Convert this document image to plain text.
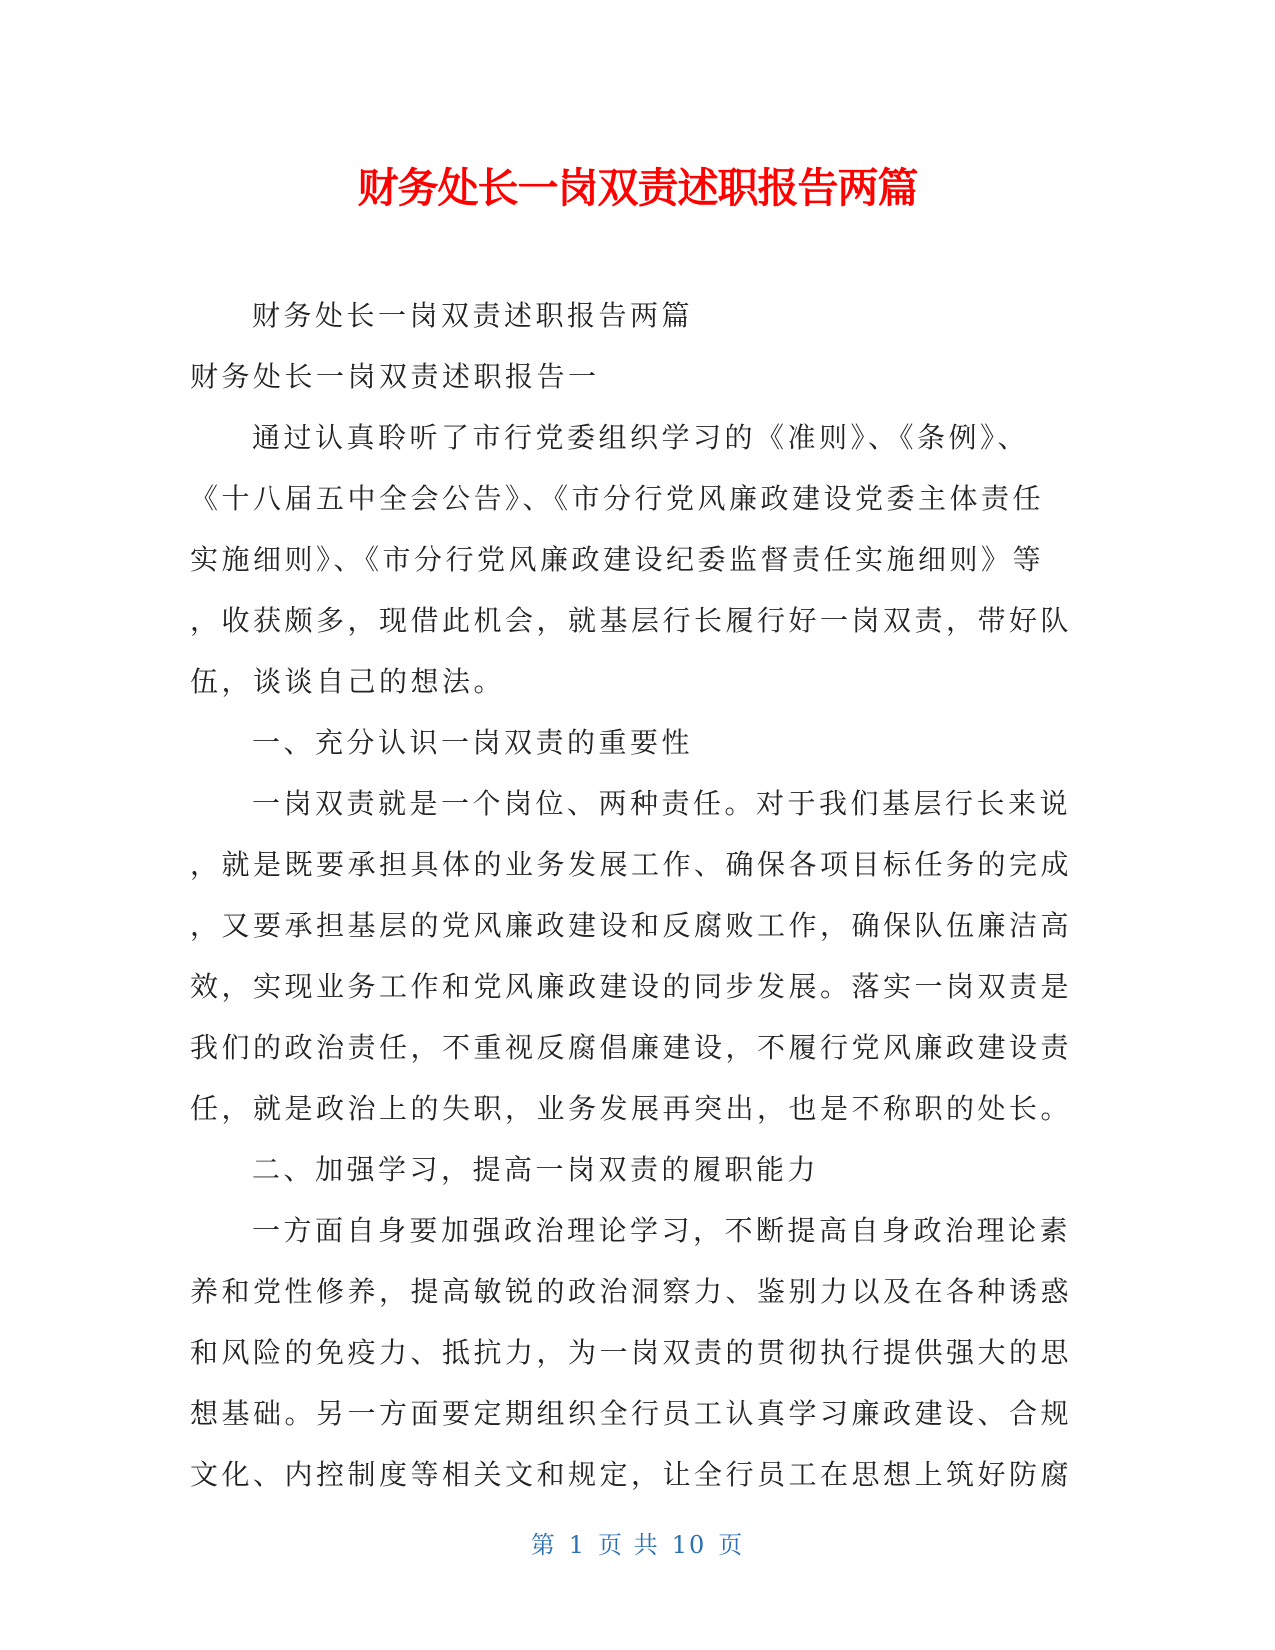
财务处长一岗双责述职报告两篇
财务处长一岗双责述职报告两篇
财务处长一岗双责述职报告一
通过认真聆听了市行党委组织学习的《准则》、《条例》、
《十八届五中全会公告》、《市分行党风廉政建设党委主体责任
实施细则》、《市分行党风廉政建设纪委监督责任实施细则》等
，收获颇多，现借此机会，就基层行长履行好一岗双责，带好队
伍，谈谈自己的想法。
一、充分认识一岗双责的重要性
一岗双责就是一个岗位、两种责任。对于我们基层行长来说
，就是既要承担具体的业务发展工作、确保各项目标任务的完成
，又要承担基层的党风廉政建设和反腐败工作，确保队伍廉洁高
效，实现业务工作和党风廉政建设的同步发展。落实一岗双责是
我们的政治责任，不重视反腐倡廉建设，不履行党风廉政建设责
任，就是政治上的失职，业务发展再突出，也是不称职的处长。
二、加强学习，提高一岗双责的履职能力
一方面自身要加强政治理论学习，不断提高自身政治理论素
养和党性修养，提高敏锐的政治洞察力、鉴别力以及在各种诱惑
和风险的免疫力、抵抗力，为一岗双责的贯彻执行提供强大的思
想基础。另一方面要定期组织全行员工认真学习廉政建设、合规
文化、内控制度等相关文和规定，让全行员工在思想上筑好防腐
第 1 页 共 10 页
